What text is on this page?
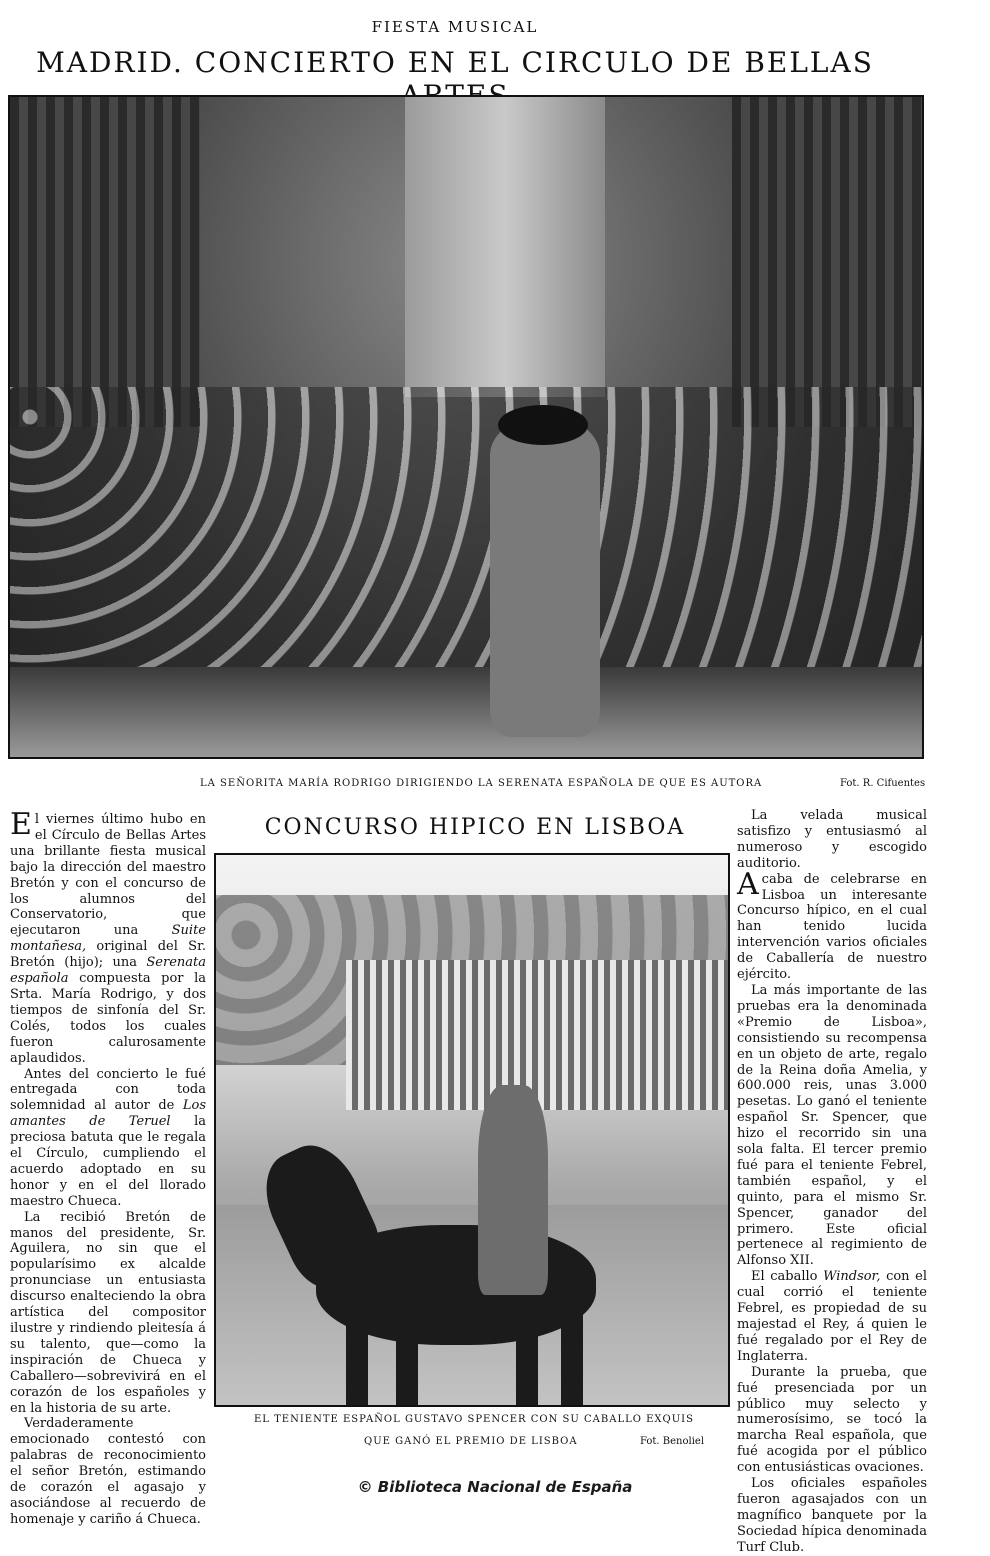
FIESTA MUSICAL
MADRID. CONCIERTO EN EL CIRCULO DE BELLAS
LA SEÑORITA MARÍA RODRIGO DIRIGIENDO LA SERENATA ESPAÑOLA DE QUE ES AUTORA	Fot. R. Cifuentes

El viernes último hubo en el Círculo de Bellas Artes una brillante fiesta musical bajo la dirección del maestro Bretón y con el concurso de los alumnos del Conservatorio, que ejecutaron una Suite montañesa, original del Sr. Bretón (hijo); una Serenata española compuesta por la Srta. María Rodrigo, y dos tiempos de sinfonía del Sr. Colés, todos los cuales fueron calurosamente aplaudidos.

Antes del concierto le fué entregada con toda solemnidad al autor de Los amantes de Teruel la preciosa batuta que le regala el Círculo, cumpliendo el acuerdo adoptado en su honor y en el del llorado maestro Chueca.

La recibió Bretón de manos del presidente, Sr. Aguilera, no sin que el popularísimo ex alcalde pronunciase un entusiasta discurso enalteciendo la obra artística del compositor ilustre y rindiendo pleitesía á su talento, que—como la inspiración de Chueca y Caballero—sobrevivirá en el corazón de los españoles y en la historia de su arte.

Verdaderamente emocionado contestó con palabras de reconocimiento el señor Bretón, estimando de corazón el agasajo y asociándose al recuerdo de homenaje y cariño á Chueca.

CONCURSO HIPICO EN LISBOA
EL TENIENTE ESPAÑOL GUSTAVO SPENCER CON SU CABALLO EXQUIS
QUE GANÓ EL PREMIO DE LISBOA	Fot. Benoliel

La velada musical satisfizo y entusiasmó al numeroso y escogido auditorio.

Acaba de celebrarse en Lisboa un interesante Concurso hípico, en el cual han tenido lucida intervención varios oficiales de Caballería de nuestro ejército.

La más importante de las pruebas era la denominada «Premio de Lisboa», consistiendo su recompensa en un objeto de arte, regalo de la Reina doña Amelia, y 600.000 reis, unas 3.000 pesetas. Lo ganó el teniente español Sr. Spencer, que hizo el recorrido sin una sola falta. El tercer premio fué para el teniente Febrel, también español, y el quinto, para el mismo Sr. Spencer, ganador del primero. Este oficial pertenece al regimiento de Alfonso XII.

El caballo Windsor, con el cual corrió el teniente Febrel, es propiedad de su majestad el Rey, á quien le fué regalado por el Rey de Inglaterra.

Durante la prueba, que fué presenciada por un público muy selecto y numerosísimo, se tocó la marcha Real española, que fué acogida por el público con entusiásticas ovaciones.

Los oficiales españoles fueron agasajados con un magnífico banquete por la Sociedad hípica denominada Turf Club.

© Biblioteca Nacional de España
